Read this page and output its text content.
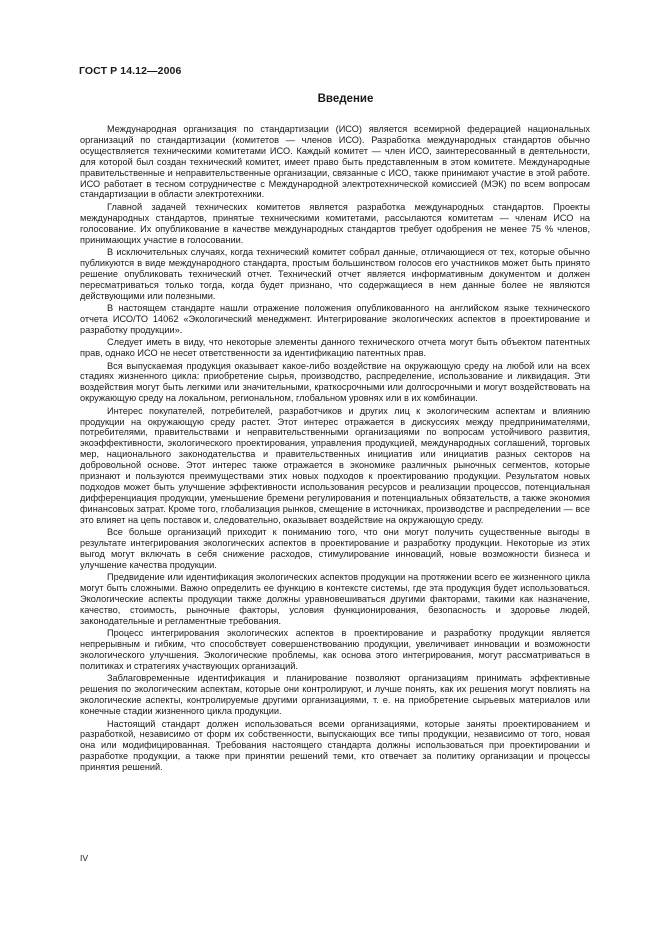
ГОСТ Р 14.12—2006
Введение

Международная организация по стандартизации (ИСО) является всемирной федерацией национальных организаций по стандартизации (комитетов — членов ИСО). Разработка международных стандартов обычно осуществляется техническими комитетами ИСО. Каждый комитет — член ИСО, заинтересованный в деятельности, для которой был создан технический комитет, имеет право быть представленным в этом комитете. Международные правительственные и неправительственные организации, связанные с ИСО, также принимают участие в этой работе. ИСО работает в тесном сотрудничестве с Международной электротехнической комиссией (МЭК) по всем вопросам стандартизации в области электротехники.

Главной задачей технических комитетов является разработка международных стандартов. Проекты международных стандартов, принятые техническими комитетами, рассылаются комитетам — членам ИСО на голосование. Их опубликование в качестве международных стандартов требует одобрения не менее 75 % членов, принимающих участие в голосовании.

В исключительных случаях, когда технический комитет собрал данные, отличающиеся от тех, которые обычно публикуются в виде международного стандарта, простым большинством голосов его участников может быть принято решение опубликовать технический отчет. Технический отчет является информативным документом и должен пересматриваться только тогда, когда будет признано, что содержащиеся в нем данные более не являются действующими или полезными.

В настоящем стандарте нашли отражение положения опубликованного на английском языке технического отчета ИСО/ТО 14062 «Экологический менеджмент. Интегрирование экологических аспектов в проектирование и разработку продукции».

Следует иметь в виду, что некоторые элементы данного технического отчета могут быть объектом патентных прав, однако ИСО не несет ответственности за идентификацию патентных прав.

Вся выпускаемая продукция оказывает какое-либо воздействие на окружающую среду на любой или на всех стадиях жизненного цикла: приобретение сырья, производство, распределение, использование и ликвидация. Эти воздействия могут быть легкими или значительными, краткосрочными или долгосрочными и могут воздействовать на окружающую среду на локальном, региональном, глобальном уровнях или в их комбинации.

Интерес покупателей, потребителей, разработчиков и других лиц к экологическим аспектам и влиянию продукции на окружающую среду растет. Этот интерес отражается в дискуссиях между предпринимателями, потребителями, правительствами и неправительственными организациями по вопросам устойчивого развития, экоэффективности, экологического проектирования, управления продукцией, международных соглашений, торговых мер, национального законодательства и правительственных инициатив или инициатив разных секторов на добровольной основе. Этот интерес также отражается в экономике различных рыночных сегментов, которые признают и пользуются преимуществами этих новых подходов к проектированию продукции. Результатом новых подходов может быть улучшение эффективности использования ресурсов и реализации процессов, потенциальная дифференциация продукции, уменьшение бремени регулирования и потенциальных обязательств, а также экономия финансовых затрат. Кроме того, глобализация рынков, смещение в источниках, производстве и распределении — все это влияет на цепь поставок и, следовательно, оказывает воздействие на окружающую среду.

Все больше организаций приходит к пониманию того, что они могут получить существенные выгоды в результате интегрирования экологических аспектов в проектирование и разработку продукции. Некоторые из этих выгод могут включать в себя снижение расходов, стимулирование инноваций, новые возможности бизнеса и улучшение качества продукции.

Предвидение или идентификация экологических аспектов продукции на протяжении всего ее жизненного цикла могут быть сложными. Важно определить ее функцию в контексте системы, где эта продукция будет использоваться. Экологические аспекты продукции также должны уравновешиваться другими факторами, такими как назначение, качество, стоимость, рыночные факторы, условия функционирования, безопасность и здоровье людей, законодательные и регламентные требования.

Процесс интегрирования экологических аспектов в проектирование и разработку продукции является непрерывным и гибким, что способствует совершенствованию продукции, увеличивает инновации и возможности экологического улучшения. Экологические проблемы, как основа этого интегрирования, могут рассматриваться в политиках и стратегиях участвующих организаций.

Заблаговременные идентификация и планирование позволяют организациям принимать эффективные решения по экологическим аспектам, которые они контролируют, и лучше понять, как их решения могут повлиять на экологические аспекты, контролируемые другими организациями, т. е. на приобретение сырьевых материалов или конечные стадии жизненного цикла продукции.

Настоящий стандарт должен использоваться всеми организациями, которые заняты проектированием и разработкой, независимо от форм их собственности, выпускающих все типы продукции, независимо от того, новая она или модифицированная. Требования настоящего стандарта должны использоваться при проектировании и разработке продукции, а также при принятии решений теми, кто отвечает за политику организации и процессы принятия решений.

IV
